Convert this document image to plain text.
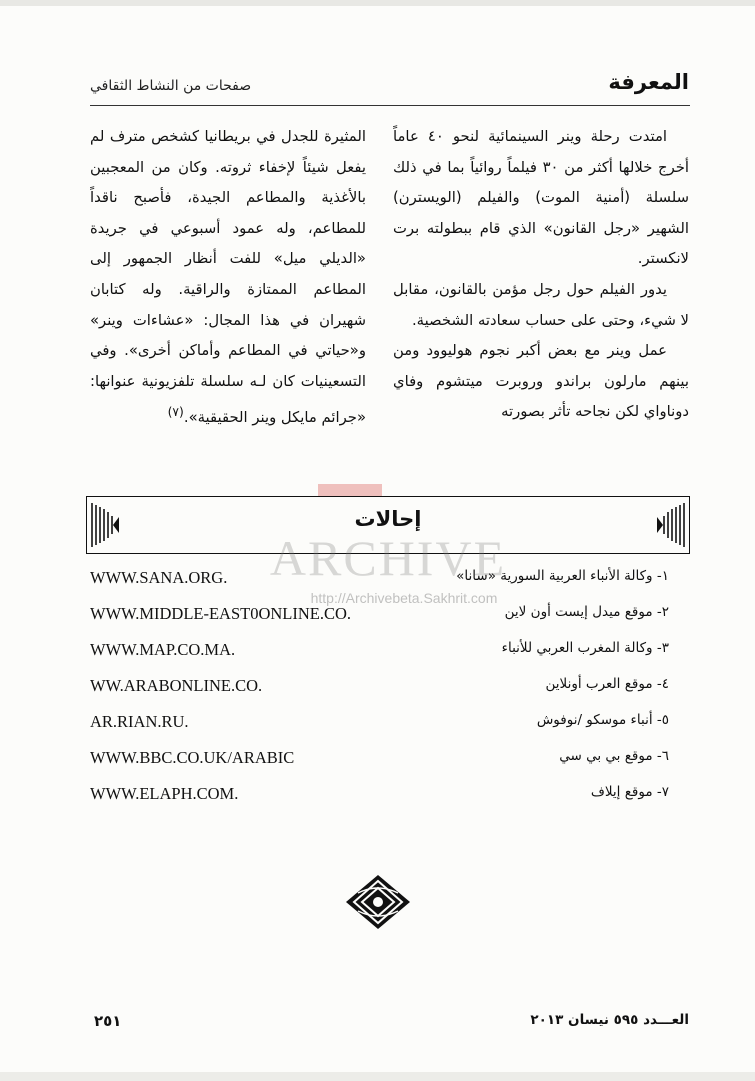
المعرفة
صفحات من النشاط الثقافي

امتدت رحلة وينر السينمائية لنحو ٤٠ عاماً أخرج خلالها أكثر من ٣٠ فيلماً روائياً بما في ذلك سلسلة (أمنية الموت) والفيلم (الويسترن) الشهير «رجل القانون» الذي قام ببطولته برت لانكستر.

يدور الفيلم حول رجل مؤمن بالقانون، مقابل لا شيء، وحتى على حساب سعادته الشخصية.

عمل وينر مع بعض أكبر نجوم هوليوود ومن بينهم مارلون براندو وروبرت ميتشوم وفاي دوناواي لكن نجاحه تأثر بصورته

المثيرة للجدل في بريطانيا كشخص مترف لم يفعل شيئاً لإخفاء ثروته. وكان من المعجبين بالأغذية والمطاعم الجيدة، فأصبح ناقداً للمطاعم، وله عمود أسبوعي في جريدة «الديلي ميل» للفت أنظار الجمهور إلى المطاعم الممتازة والراقية. وله كتابان شهيران في هذا المجال: «عشاءات وينر» و«حياتي في المطاعم وأماكن أخرى». وفي التسعينيات كان لـه سلسلة تلفزيونية عنوانها: «جرائم مايكل وينر الحقيقية».$^{(٧)}$

إحالات
ARCHIVE
http://Archivebeta.Sakhrit.com
WWW.SANA.ORG.	١- وكالة الأنباء العربية السورية «سانا»
WWW.MIDDLE-EAST0ONLINE.CO.	٢- موقع ميدل إيست أون لاين
WWW.MAP.CO.MA.	٣- وكالة المغرب العربي للأنباء
WW.ARABONLINE.CO.	٤- موقع العرب أونلاين
AR.RIAN.RU.	٥- أنباء موسكو /نوفوش
WWW.BBC.CO.UK/ARABIC	٦- موقع بي بي سي
WWW.ELAPH.COM.	٧- موقع إيلاف
٢٥١	العـــدد ٥٩٥ نيسان ٢٠١٣
